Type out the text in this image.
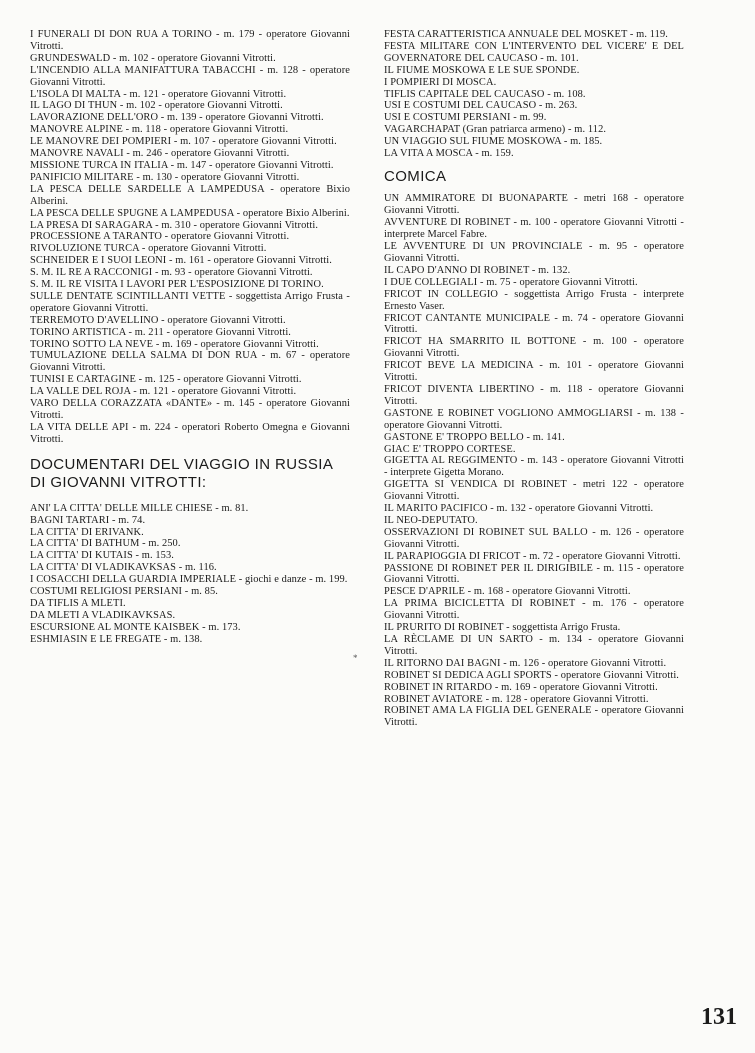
I FUNERALI DI DON RUA A TORINO - m. 179 - operatore Giovanni Vitrotti.

GRUNDESWALD - m. 102 - operatore Giovanni Vitrotti.

L'INCENDIO ALLA MANIFATTURA TABACCHI - m. 128 - operatore Giovanni Vitrotti.

L'ISOLA DI MALTA - m. 121 - operatore Giovanni Vitrotti.

IL LAGO DI THUN - m. 102 - operatore Giovanni Vitrotti.

LAVORAZIONE DELL'ORO - m. 139 - operatore Giovanni Vitrotti.

MANOVRE ALPINE - m. 118 - operatore Giovanni Vitrotti.

LE MANOVRE DEI POMPIERI - m. 107 - operatore Giovanni Vitrotti.

MANOVRE NAVALI - m. 246 - operatore Giovanni Vitrotti.

MISSIONE TURCA IN ITALIA - m. 147 - operatore Giovanni Vitrotti.

PANIFICIO MILITARE - m. 130 - operatore Giovanni Vitrotti.

LA PESCA DELLE SARDELLE A LAMPEDUSA - operatore Bixio Alberini.

LA PESCA DELLE SPUGNE A LAMPEDUSA - operatore Bixio Alberini.

LA PRESA DI SARAGARA - m. 310 - operatore Giovanni Vitrotti.

PROCESSIONE A TARANTO - operatore Giovanni Vitrotti.

RIVOLUZIONE TURCA - operatore Giovanni Vitrotti.

SCHNEIDER E I SUOI LEONI - m. 161 - operatore Giovanni Vitrotti.

S. M. IL RE A RACCONIGI - m. 93 - operatore Giovanni Vitrotti.

S. M. IL RE VISITA I LAVORI PER L'ESPOSIZIONE DI TORINO.

SULLE DENTATE SCINTILLANTI VETTE - soggettista Arrigo Frusta - operatore Giovanni Vitrotti.

TERREMOTO D'AVELLINO - operatore Giovanni Vitrotti.

TORINO ARTISTICA - m. 211 - operatore Giovanni Vitrotti.

TORINO SOTTO LA NEVE - m. 169 - operatore Giovanni Vitrotti.

TUMULAZIONE DELLA SALMA DI DON RUA - m. 67 - operatore Giovanni Vitrotti.

TUNISI E CARTAGINE - m. 125 - operatore Giovanni Vitrotti.

LA VALLE DEL ROJA - m. 121 - operatore Giovanni Vitrotti.

VARO DELLA CORAZZATA «DANTE» - m. 145 - operatore Giovanni Vitrotti.

LA VITA DELLE API - m. 224 - operatori Roberto Omegna e Giovanni Vitrotti.

DOCUMENTARI DEL VIAGGIO IN RUSSIA DI GIOVANNI VITROTTI:

ANI' LA CITTA' DELLE MILLE CHIESE - m. 81.

BAGNI TARTARI - m. 74.

LA CITTA' DI ERIVANK.

LA CITTA' DI BATHUM - m. 250.

LA CITTA' DI KUTAIS - m. 153.

LA CITTA' DI VLADIKAVKSAS - m. 116.

I COSACCHI DELLA GUARDIA IMPERIALE - giochi e danze - m. 199.

COSTUMI RELIGIOSI PERSIANI - m. 85.

DA TIFLIS A MLETI.

DA MLETI A VLADIKAVKSAS.

ESCURSIONE AL MONTE KAISBEK - m. 173.

ESHMIASIN E LE FREGATE - m. 138.

*

FESTA CARATTERISTICA ANNUALE DEL MOSKET - m. 119.

FESTA MILITARE CON L'INTERVENTO DEL VICERE' E DEL GOVERNATORE DEL CAUCASO - m. 101.

IL FIUME MOSKOWA E LE SUE SPONDE.

I POMPIERI DI MOSCA.

TIFLIS CAPITALE DEL CAUCASO - m. 108.

USI E COSTUMI DEL CAUCASO - m. 263.

USI E COSTUMI PERSIANI - m. 99.

VAGARCHAPAT (Gran patriarca armeno) - m. 112.

UN VIAGGIO SUL FIUME MOSKOWA - m. 185.

LA VITA A MOSCA - m. 159.

COMICA

UN AMMIRATORE DI BUONAPARTE - metri 168 - operatore Giovanni Vitrotti.

AVVENTURE DI ROBINET - m. 100 - operatore Giovanni Vitrotti - interprete Marcel Fabre.

LE AVVENTURE DI UN PROVINCIALE - m. 95 - operatore Giovanni Vitrotti.

IL CAPO D'ANNO DI ROBINET - m. 132.

I DUE COLLEGIALI - m. 75 - operatore Giovanni Vitrotti.

FRICOT IN COLLEGIO - soggettista Arrigo Frusta - interprete Ernesto Vaser.

FRICOT CANTANTE MUNICIPALE - m. 74 - operatore Giovanni Vitrotti.

FRICOT HA SMARRITO IL BOTTONE - m. 100 - operatore Giovanni Vitrotti.

FRICOT BEVE LA MEDICINA - m. 101 - operatore Giovanni Vitrotti.

FRICOT DIVENTA LIBERTINO - m. 118 - operatore Giovanni Vitrotti.

GASTONE E ROBINET VOGLIONO AMMOGLIARSI - m. 138 - operatore Giovanni Vitrotti.

GASTONE E' TROPPO BELLO - m. 141.

GIAC E' TROPPO CORTESE.

GIGETTA AL REGGIMENTO - m. 143 - operatore Giovanni Vitrotti - interprete Gigetta Morano.

GIGETTA SI VENDICA DI ROBINET - metri 122 - operatore Giovanni Vitrotti.

IL MARITO PACIFICO - m. 132 - operatore Giovanni Vitrotti.

IL NEO-DEPUTATO.

OSSERVAZIONI DI ROBINET SUL BALLO - m. 126 - operatore Giovanni Vitrotti.

IL PARAPIOGGIA DI FRICOT - m. 72 - operatore Giovanni Vitrotti.

PASSIONE DI ROBINET PER IL DIRIGIBILE - m. 115 - operatore Giovanni Vitrotti.

PESCE D'APRILE - m. 168 - operatore Giovanni Vitrotti.

LA PRIMA BICICLETTA DI ROBINET - m. 176 - operatore Giovanni Vitrotti.

IL PRURITO DI ROBINET - soggettista Arrigo Frusta.

LA RÈCLAME DI UN SARTO - m. 134 - operatore Giovanni Vitrotti.

IL RITORNO DAI BAGNI - m. 126 - operatore Giovanni Vitrotti.

ROBINET SI DEDICA AGLI SPORTS - operatore Giovanni Vitrotti.

ROBINET IN RITARDO - m. 169 - operatore Giovanni Vitrotti.

ROBINET AVIATORE - m. 128 - operatore Giovanni Vitrotti.

ROBINET AMA LA FIGLIA DEL GENERALE - operatore Giovanni Vitrotti.

131
